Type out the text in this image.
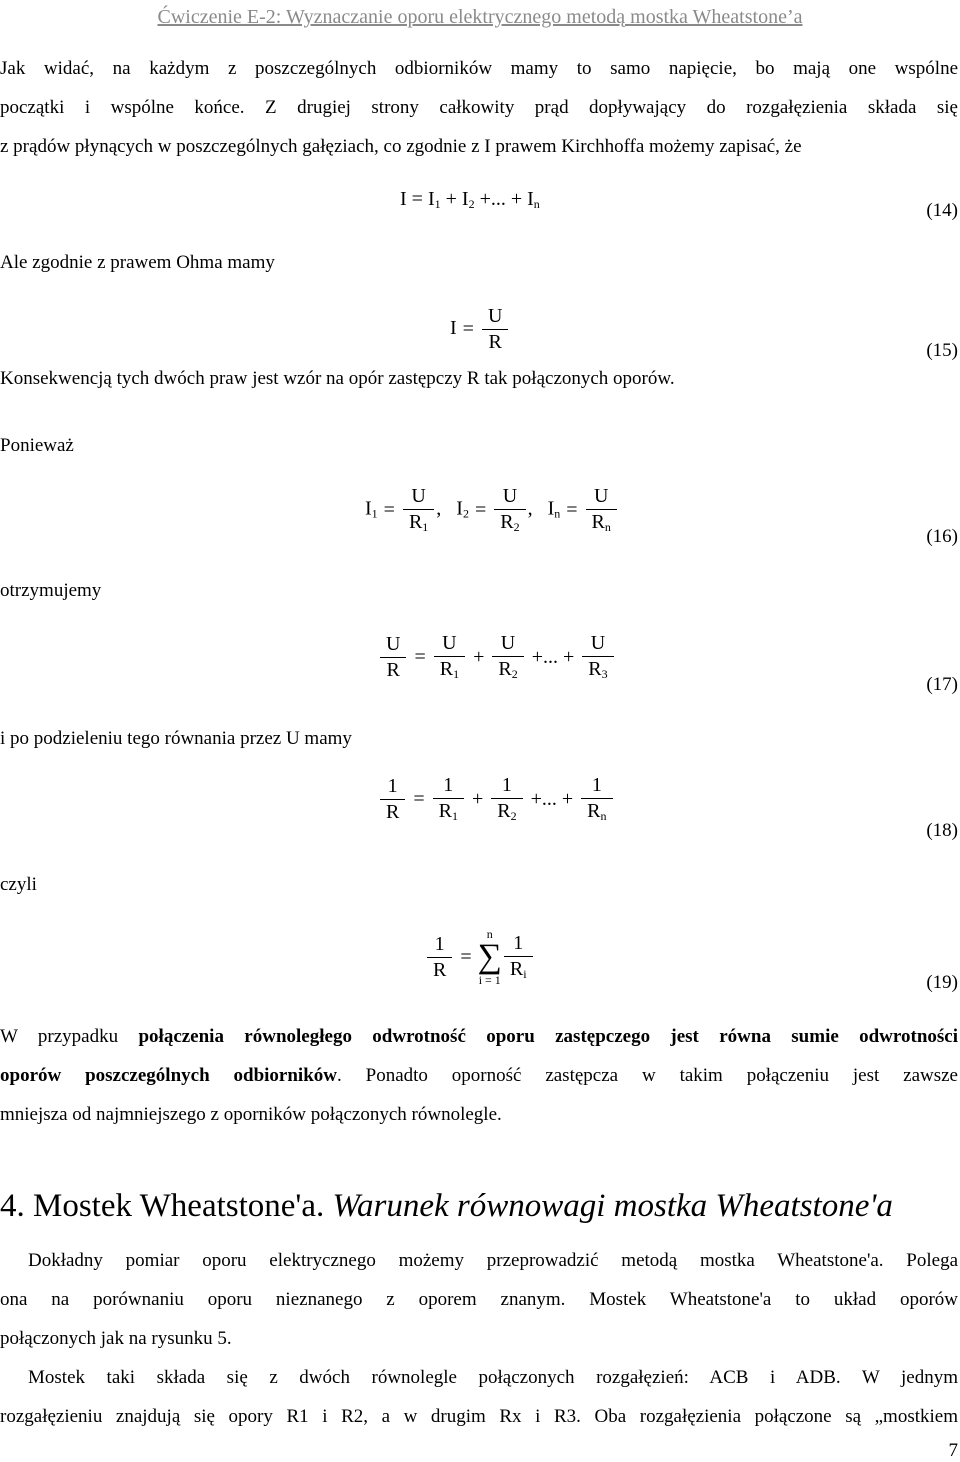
Ćwiczenie E-2: Wyznaczanie oporu elektrycznego metodą mostka Wheatstone’a
Jak widać, na każdym z poszczególnych odbiorników mamy to samo napięcie, bo mają one wspólne
początki i wspólne końce. Z drugiej strony całkowity prąd dopływający do rozgałęzienia składa się
z prądów płynących w poszczególnych gałęziach, co zgodnie z I prawem Kirchhoffa możemy zapisać, że
$I = I_1 + I_2$ +... + $I_n$	(14)
Ale zgodnie z prawem Ohma mamy
$I = \frac{U}{R}$	(15)
Konsekwencją tych dwóch praw jest wzór na opór zastępczy R tak połączonych oporów.
Ponieważ
$I_1 = \frac{U}{R_1}$ ,   $I_2 = \frac{U}{R_2}$ ,   $I_n = \frac{U}{R_n}$
(16)
otrzymujemy
$\frac{U}{R} = \frac{U}{R_1} + \frac{U}{R_2}$ +... + $\frac{U}{R_3}$
(17)
i po podzieleniu tego równania przez U mamy
$\frac{1}{R} = \frac{1}{R_1} + \frac{1}{R_2}$ +... + $\frac{1}{R_n}$
(18)
czyli
$\frac{1}{R}$ =
n
∑
$i = 1 \frac{1}{R_i}$
(19)
W przypadku połączenia równoległego odwrotność oporu zastępczego jest równa sumie odwrotności
oporów poszczególnych odbiorników. Ponadto oporność zastępcza w takim połączeniu jest zawsze
mniejsza od najmniejszego z oporników połączonych równolegle.
4. Mostek Wheatstone'a. Warunek równowagi mostka Wheatstone'a
Dokładny pomiar oporu elektrycznego możemy przeprowadzić metodą mostka Wheatstone'a. Polega
ona na porównaniu oporu nieznanego z oporem znanym. Mostek Wheatstone'a to układ oporów
połączonych jak na rysunku 5.
Mostek taki składa się z dwóch równolegle połączonych rozgałęzień: ACB i ADB. W jednym
rozgałęzieniu znajdują się opory R1 i R2, a w drugim Rx i R3. Oba rozgałęzienia połączone są „mostkiem
7
